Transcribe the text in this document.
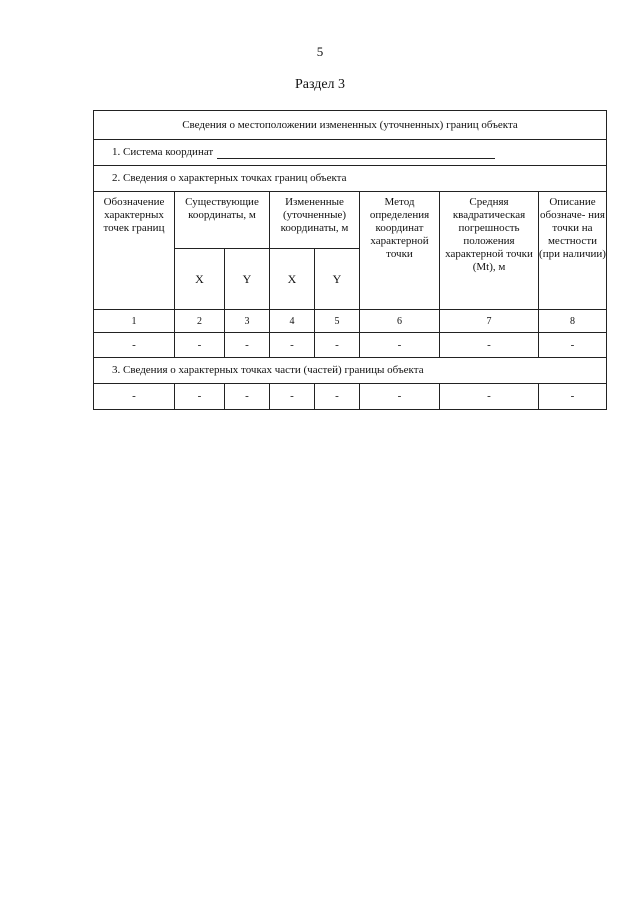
5
Раздел 3
Сведения о местоположении измененных (уточненных) границ объекта							
1. Система координат							
2. Сведения о характерных точках границ объекта							
Обозначение характерных точек границ	Существующие координаты, м		Измененные (уточненные) координаты, м		Метод определения координат характерной точки	Средняя квадратическая погрешность положения характерной точки (Mt), м	Описание обозначе- ния точки на местности (при наличии)
	X	Y	X	Y			
1	2	3	4	5	6	7	8
-	-	-	-	-	-	-	-
3. Сведения о характерных точках части (частей) границы объекта							
-	-	-	-	-	-	-	-
